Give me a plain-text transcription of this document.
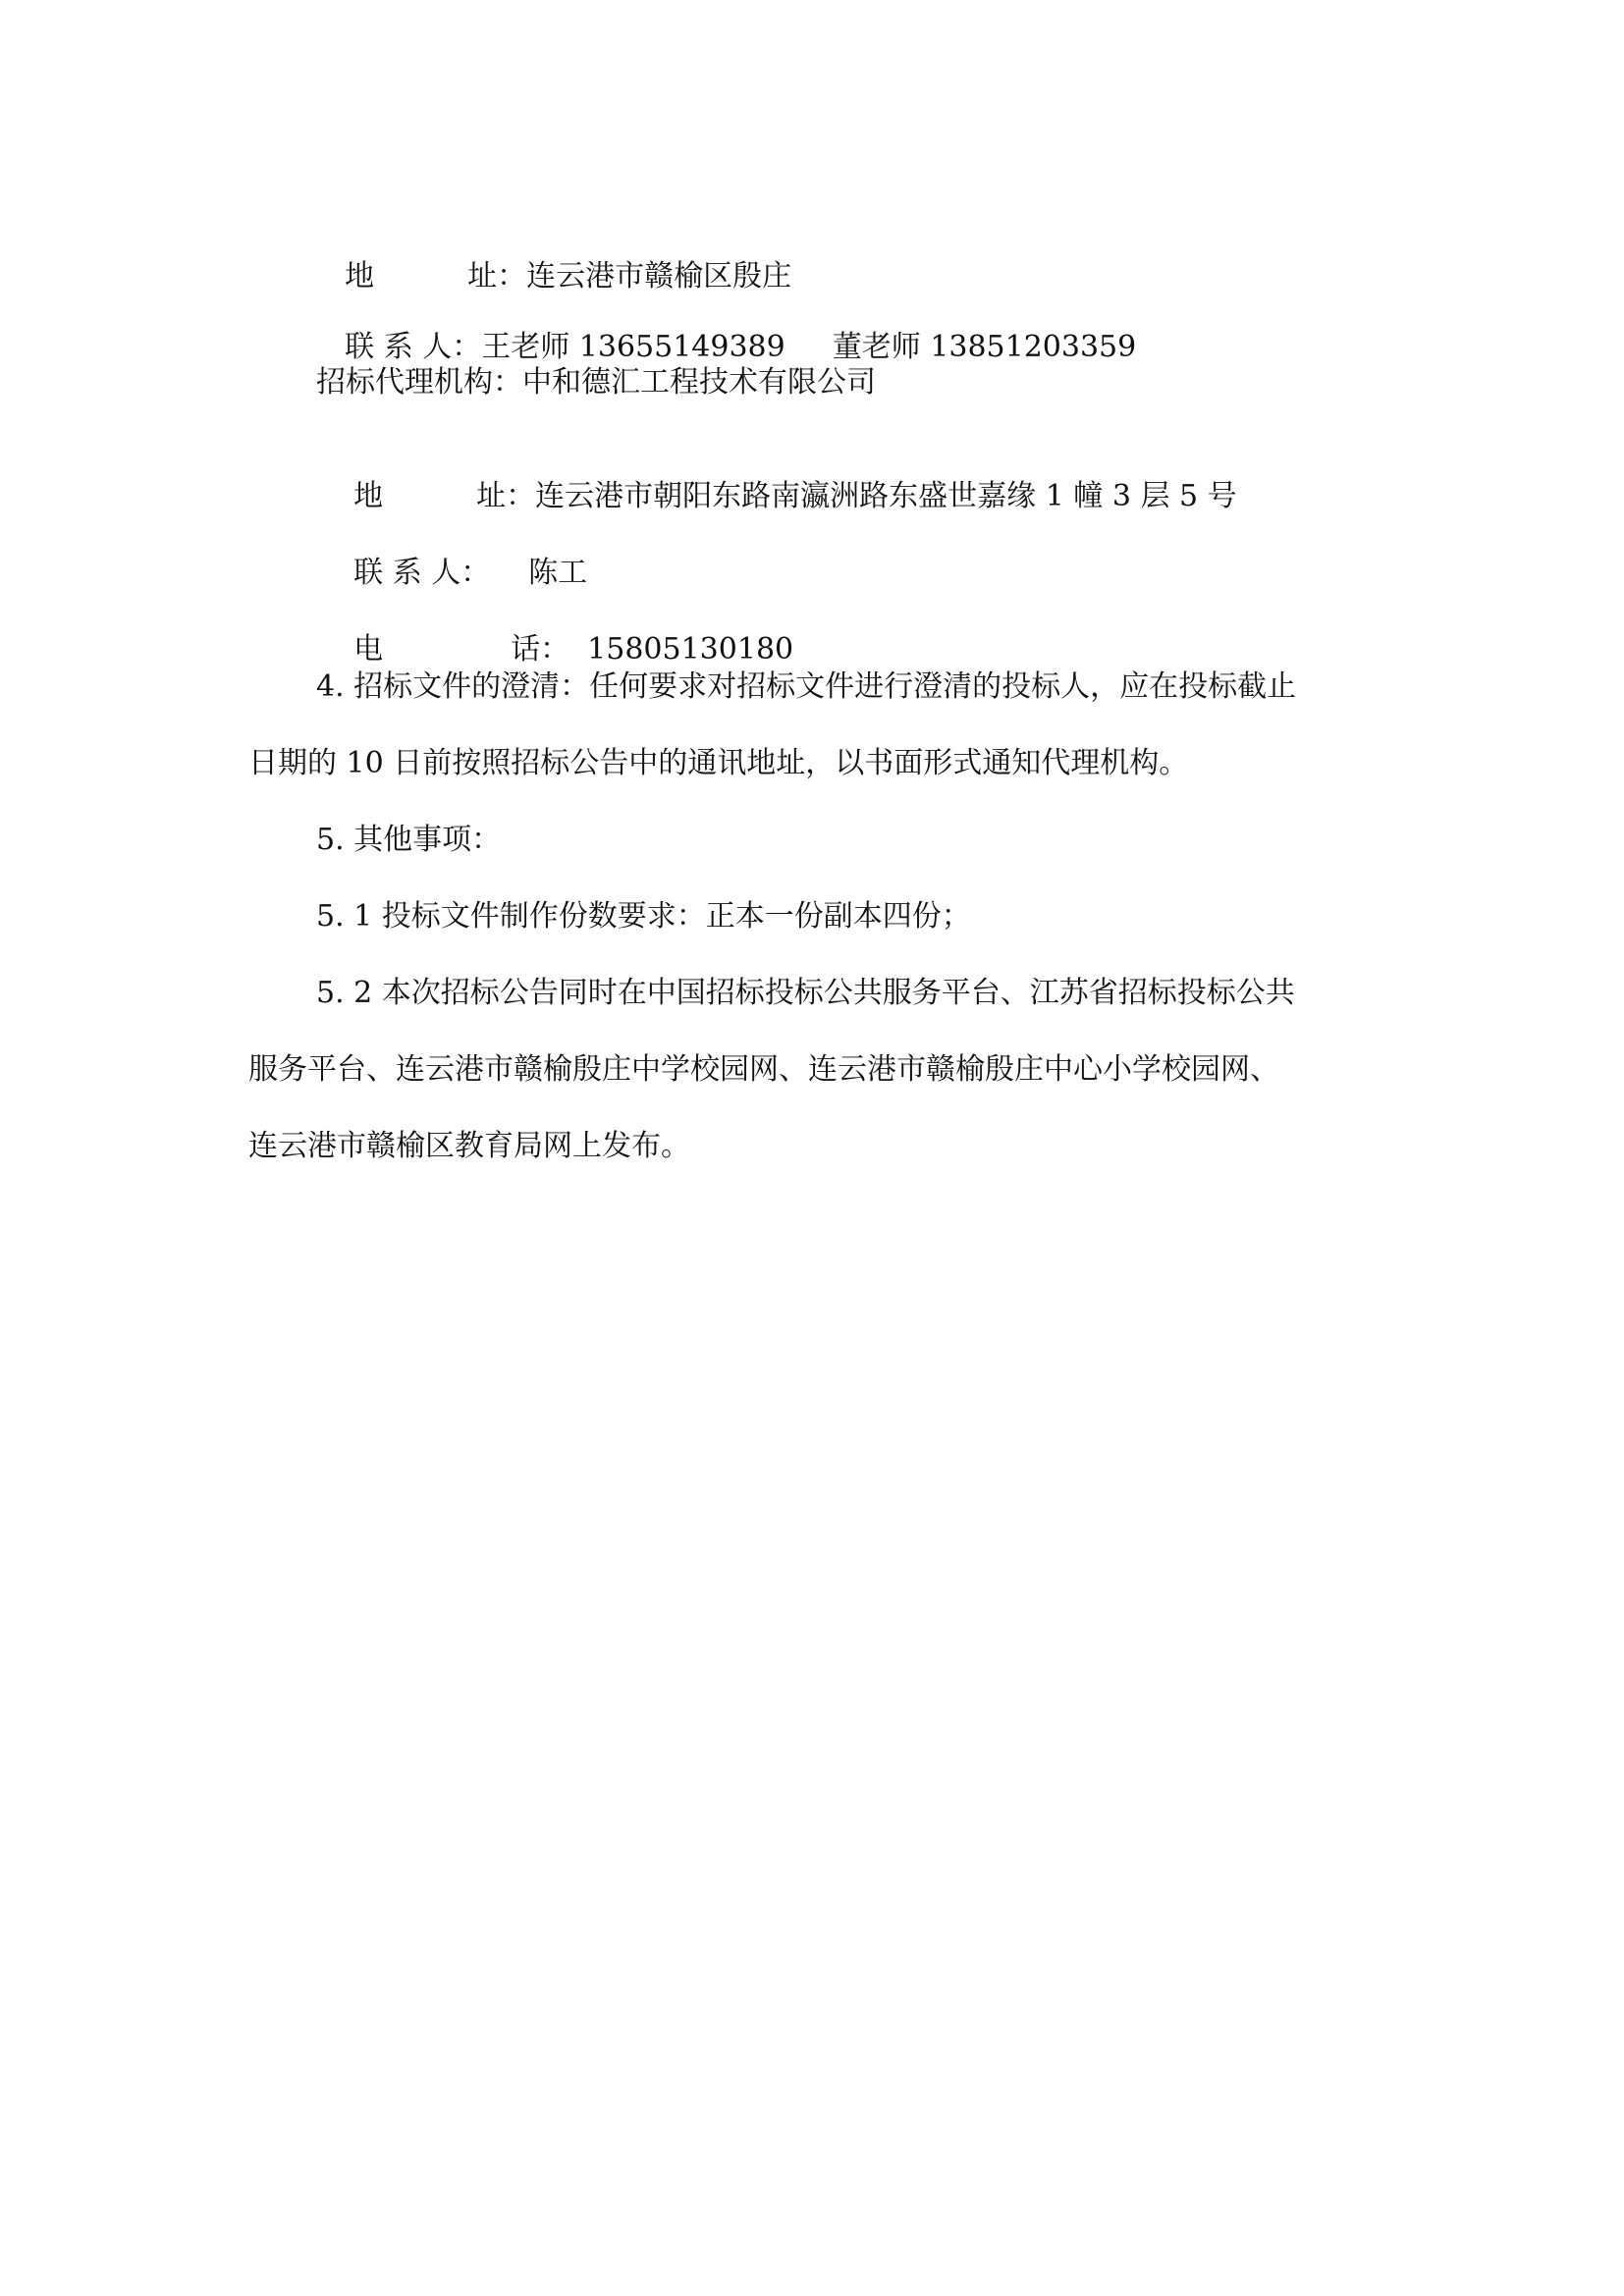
地	址：连云港市赣榆区殷庄

联 系 人：王老师 13655149389 董老师 13851203359

招标代理机构：中和德汇工程技术有限公司

地	址：连云港市朝阳东路南瀛洲路东盛世嘉缘 1 幢 3 层 5 号

联 系 人： 陈工

电	话： 15805130180

4. 招标文件的澄清：任何要求对招标文件进行澄清的投标人，应在投标截止
日期的 10 日前按照招标公告中的通讯地址，以书面形式通知代理机构。
5. 其他事项：
5. 1 投标文件制作份数要求：正本一份副本四份；
5. 2 本次招标公告同时在中国招标投标公共服务平台、江苏省招标投标公共
服务平台、连云港市赣榆殷庄中学校园网、连云港市赣榆殷庄中心小学校园网、
连云港市赣榆区教育局网上发布。
